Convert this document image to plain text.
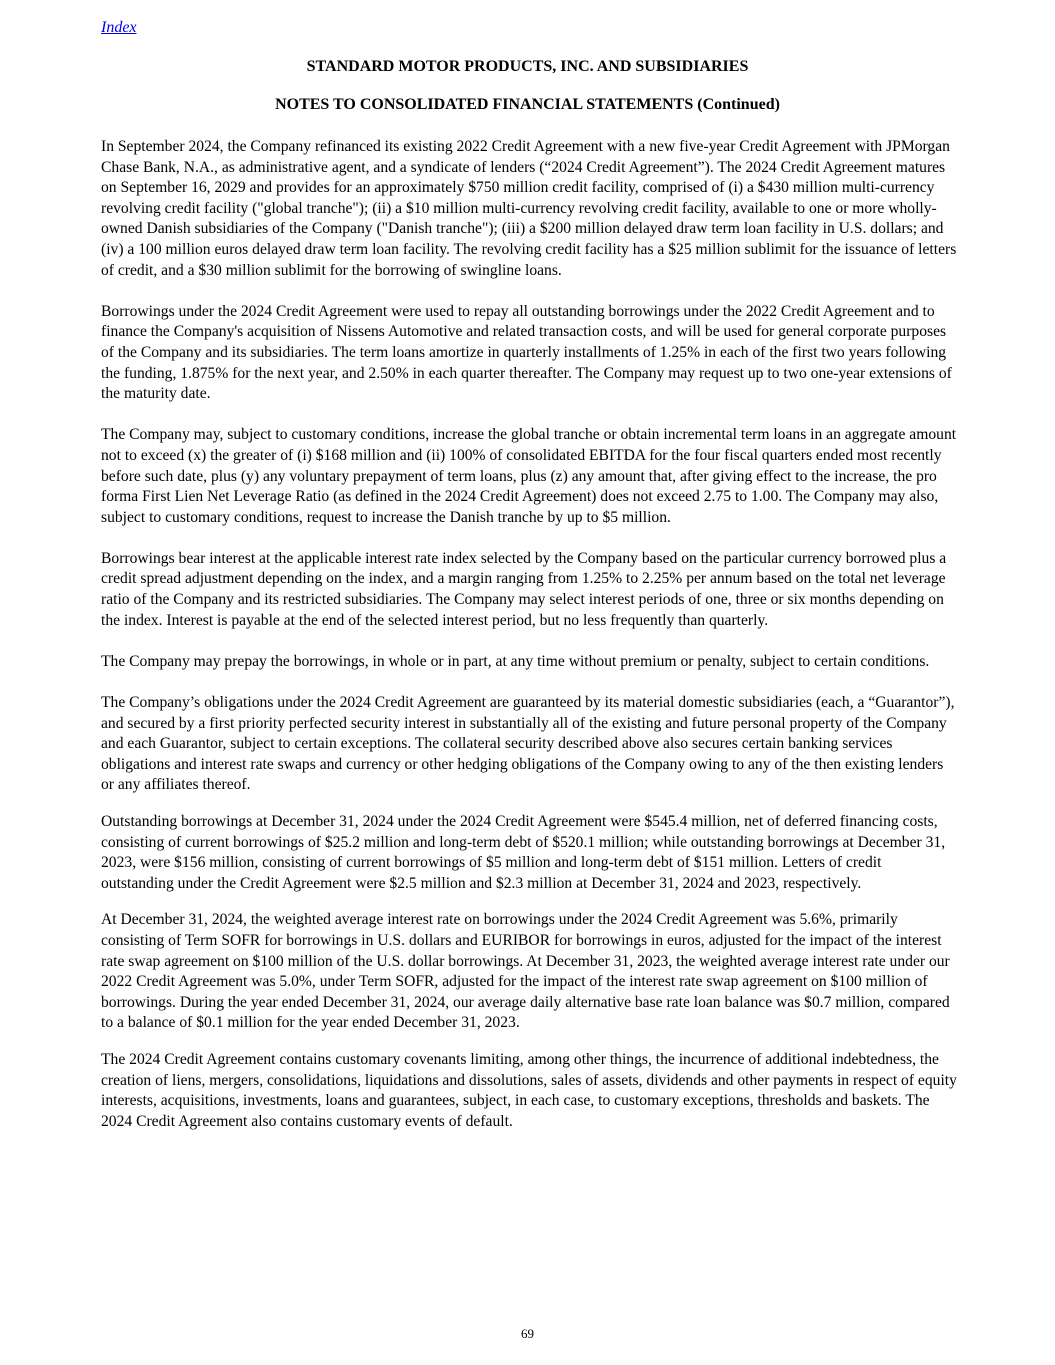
Index
STANDARD MOTOR PRODUCTS, INC. AND SUBSIDIARIES
NOTES TO CONSOLIDATED FINANCIAL STATEMENTS (Continued)

In September 2024, the Company refinanced its existing 2022 Credit Agreement with a new five-year Credit Agreement with JPMorgan Chase Bank, N.A., as administrative agent, and a syndicate of lenders (“2024 Credit Agreement”). The 2024 Credit Agreement matures on September 16, 2029 and provides for an approximately $750 million credit facility, comprised of (i) a $430 million multi-currency revolving credit facility ("global tranche"); (ii) a $10 million multi-currency revolving credit facility, available to one or more wholly-owned Danish subsidiaries of the Company ("Danish tranche"); (iii) a $200 million delayed draw term loan facility in U.S. dollars; and (iv) a 100 million euros delayed draw term loan facility. The revolving credit facility has a $25 million sublimit for the issuance of letters of credit, and a $30 million sublimit for the borrowing of swingline loans.

Borrowings under the 2024 Credit Agreement were used to repay all outstanding borrowings under the 2022 Credit Agreement and to finance the Company's acquisition of Nissens Automotive and related transaction costs, and will be used for general corporate purposes of the Company and its subsidiaries. The term loans amortize in quarterly installments of 1.25% in each of the first two years following the funding, 1.875% for the next year, and 2.50% in each quarter thereafter. The Company may request up to two one-year extensions of the maturity date.

The Company may, subject to customary conditions, increase the global tranche or obtain incremental term loans in an aggregate amount not to exceed (x) the greater of (i) $168 million and (ii) 100% of consolidated EBITDA for the four fiscal quarters ended most recently before such date, plus (y) any voluntary prepayment of term loans, plus (z) any amount that, after giving effect to the increase, the pro forma First Lien Net Leverage Ratio (as defined in the 2024 Credit Agreement) does not exceed 2.75 to 1.00. The Company may also, subject to customary conditions, request to increase the Danish tranche by up to $5 million.

Borrowings bear interest at the applicable interest rate index selected by the Company based on the particular currency borrowed plus a credit spread adjustment depending on the index, and a margin ranging from 1.25% to 2.25% per annum based on the total net leverage ratio of the Company and its restricted subsidiaries. The Company may select interest periods of one, three or six months depending on the index. Interest is payable at the end of the selected interest period, but no less frequently than quarterly.

The Company may prepay the borrowings, in whole or in part, at any time without premium or penalty, subject to certain conditions.

The Company’s obligations under the 2024 Credit Agreement are guaranteed by its material domestic subsidiaries (each, a “Guarantor”), and secured by a first priority perfected security interest in substantially all of the existing and future personal property of the Company and each Guarantor, subject to certain exceptions. The collateral security described above also secures certain banking services obligations and interest rate swaps and currency or other hedging obligations of the Company owing to any of the then existing lenders or any affiliates thereof.

Outstanding borrowings at December 31, 2024 under the 2024 Credit Agreement were $545.4 million, net of deferred financing costs, consisting of current borrowings of $25.2 million and long-term debt of $520.1 million; while outstanding borrowings at December 31, 2023, were $156 million, consisting of current borrowings of $5 million and long-term debt of $151 million. Letters of credit outstanding under the Credit Agreement were $2.5 million and $2.3 million at December 31, 2024 and 2023, respectively.

At December 31, 2024, the weighted average interest rate on borrowings under the 2024 Credit Agreement was 5.6%, primarily consisting of Term SOFR for borrowings in U.S. dollars and EURIBOR for borrowings in euros, adjusted for the impact of the interest rate swap agreement on $100 million of the U.S. dollar borrowings. At December 31, 2023, the weighted average interest rate under our 2022 Credit Agreement was 5.0%, under Term SOFR, adjusted for the impact of the interest rate swap agreement on $100 million of borrowings. During the year ended December 31, 2024, our average daily alternative base rate loan balance was $0.7 million, compared to a balance of $0.1 million for the year ended December 31, 2023.

The 2024 Credit Agreement contains customary covenants limiting, among other things, the incurrence of additional indebtedness, the creation of liens, mergers, consolidations, liquidations and dissolutions, sales of assets, dividends and other payments in respect of equity interests, acquisitions, investments, loans and guarantees, subject, in each case, to customary exceptions, thresholds and baskets. The 2024 Credit Agreement also contains customary events of default.

69
